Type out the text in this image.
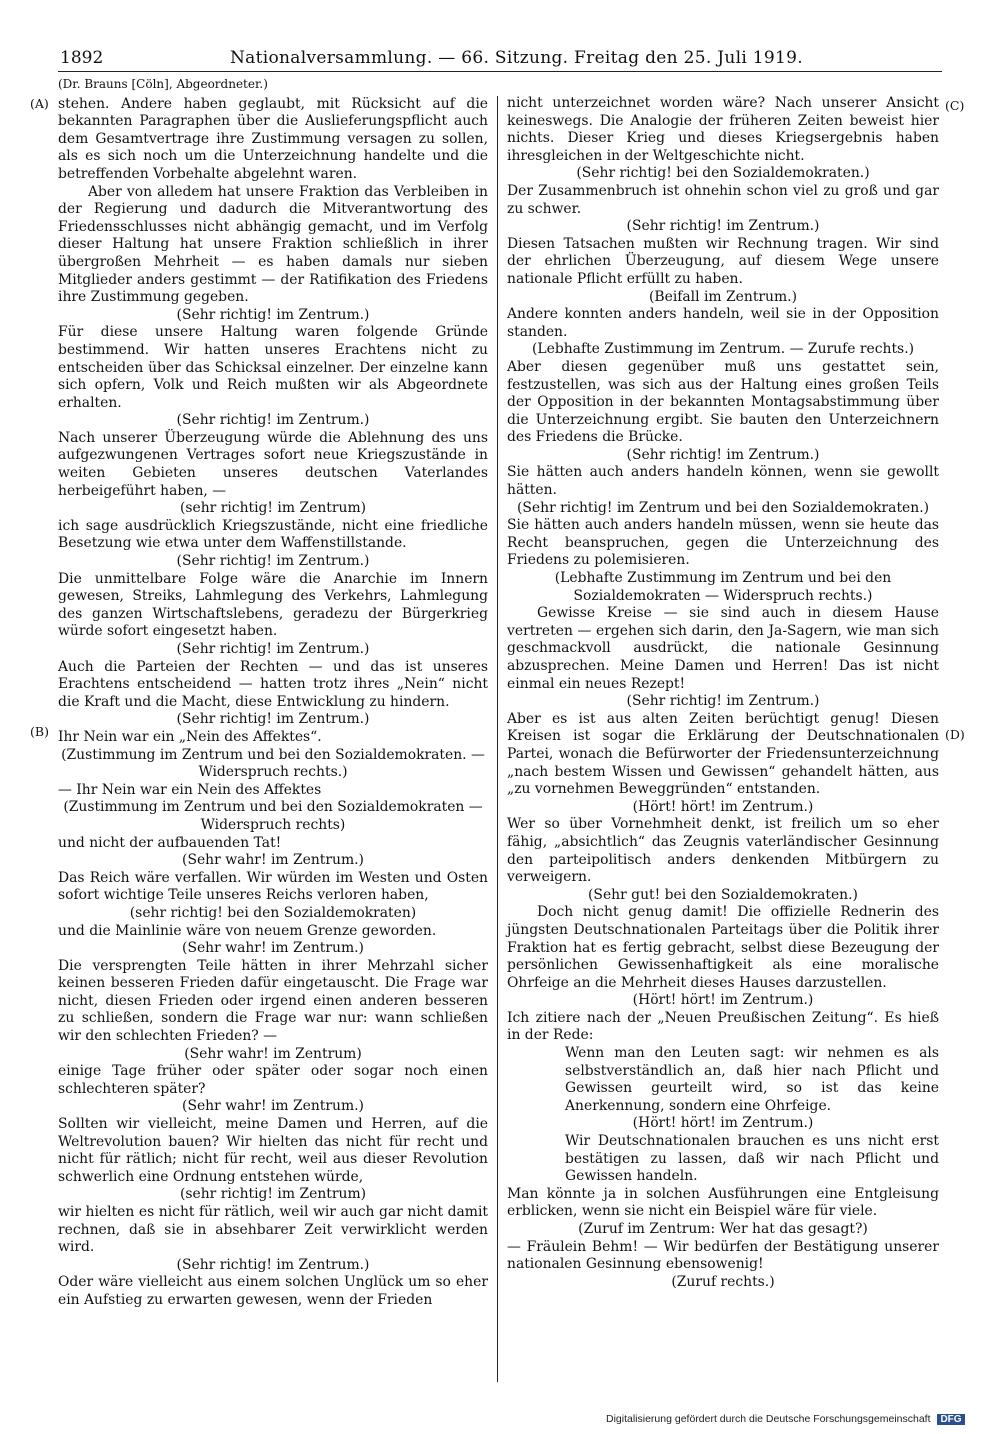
1892	Nationalversammlung. — 66. Sitzung. Freitag den 25. Juli 1919.
(A)
(B)
(C)
(D)
(Dr. Brauns [Cöln], Abgeordneter.)

stehen. Andere haben geglaubt, mit Rücksicht auf die bekannten Paragraphen über die Auslieferungspflicht auch dem Gesamtvertrage ihre Zustimmung versagen zu sollen, als es sich noch um die Unterzeichnung handelte und die betreffenden Vorbehalte abgelehnt waren.

Aber von alledem hat unsere Fraktion das Verbleiben in der Regierung und dadurch die Mitverantwortung des Friedensschlusses nicht abhängig gemacht, und im Verfolg dieser Haltung hat unsere Fraktion schließlich in ihrer übergroßen Mehrheit — es haben damals nur sieben Mitglieder anders gestimmt — der Ratifikation des Friedens ihre Zustimmung gegeben.

(Sehr richtig! im Zentrum.)

Für diese unsere Haltung waren folgende Gründe bestimmend. Wir hatten unseres Erachtens nicht zu entscheiden über das Schicksal einzelner. Der einzelne kann sich opfern, Volk und Reich mußten wir als Abgeordnete erhalten.

(Sehr richtig! im Zentrum.)

Nach unserer Überzeugung würde die Ablehnung des uns aufgezwungenen Vertrages sofort neue Kriegszustände in weiten Gebieten unseres deutschen Vaterlandes herbeigeführt haben, —

(sehr richtig! im Zentrum)

ich sage ausdrücklich Kriegszustände, nicht eine friedliche Besetzung wie etwa unter dem Waffenstillstande.

(Sehr richtig! im Zentrum.)

Die unmittelbare Folge wäre die Anarchie im Innern gewesen, Streiks, Lahmlegung des Verkehrs, Lahmlegung des ganzen Wirtschaftslebens, geradezu der Bürgerkrieg würde sofort eingesetzt haben.

(Sehr richtig! im Zentrum.)

Auch die Parteien der Rechten — und das ist unseres Erachtens entscheidend — hatten trotz ihres „Nein“ nicht die Kraft und die Macht, diese Entwicklung zu hindern.

(Sehr richtig! im Zentrum.)

Ihr Nein war ein „Nein des Affektes“.

(Zustimmung im Zentrum und bei den Sozialdemokraten. — Widerspruch rechts.)

— Ihr Nein war ein Nein des Affektes

(Zustimmung im Zentrum und bei den Sozialdemokraten — Widerspruch rechts)

und nicht der aufbauenden Tat!

(Sehr wahr! im Zentrum.)

Das Reich wäre verfallen. Wir würden im Westen und Osten sofort wichtige Teile unseres Reichs verloren haben,

(sehr richtig! bei den Sozialdemokraten)

und die Mainlinie wäre von neuem Grenze geworden.

(Sehr wahr! im Zentrum.)

Die versprengten Teile hätten in ihrer Mehrzahl sicher keinen besseren Frieden dafür eingetauscht. Die Frage war nicht, diesen Frieden oder irgend einen anderen besseren zu schließen, sondern die Frage war nur: wann schließen wir den schlechten Frieden? —

(Sehr wahr! im Zentrum)

einige Tage früher oder später oder sogar noch einen schlechteren später?

(Sehr wahr! im Zentrum.)

Sollten wir vielleicht, meine Damen und Herren, auf die Weltrevolution bauen? Wir hielten das nicht für recht und nicht für rätlich; nicht für recht, weil aus dieser Revolution schwerlich eine Ordnung entstehen würde,

(sehr richtig! im Zentrum)

wir hielten es nicht für rätlich, weil wir auch gar nicht damit rechnen, daß sie in absehbarer Zeit verwirklicht werden wird.

(Sehr richtig! im Zentrum.)

Oder wäre vielleicht aus einem solchen Unglück um so eher ein Aufstieg zu erwarten gewesen, wenn der Frieden

nicht unterzeichnet worden wäre? Nach unserer Ansicht keineswegs. Die Analogie der früheren Zeiten beweist hier nichts. Dieser Krieg und dieses Kriegsergebnis haben ihresgleichen in der Weltgeschichte nicht.

(Sehr richtig! bei den Sozialdemokraten.)

Der Zusammenbruch ist ohnehin schon viel zu groß und gar zu schwer.

(Sehr richtig! im Zentrum.)

Diesen Tatsachen mußten wir Rechnung tragen. Wir sind der ehrlichen Überzeugung, auf diesem Wege unsere nationale Pflicht erfüllt zu haben.

(Beifall im Zentrum.)

Andere konnten anders handeln, weil sie in der Opposition standen.

(Lebhafte Zustimmung im Zentrum. — Zurufe rechts.)

Aber diesen gegenüber muß uns gestattet sein, festzustellen, was sich aus der Haltung eines großen Teils der Opposition in der bekannten Montagsabstimmung über die Unterzeichnung ergibt. Sie bauten den Unterzeichnern des Friedens die Brücke.

(Sehr richtig! im Zentrum.)

Sie hätten auch anders handeln können, wenn sie gewollt hätten.

(Sehr richtig! im Zentrum und bei den Sozialdemokraten.)

Sie hätten auch anders handeln müssen, wenn sie heute das Recht beanspruchen, gegen die Unterzeichnung des Friedens zu polemisieren.

(Lebhafte Zustimmung im Zentrum und bei den Sozialdemokraten — Widerspruch rechts.)

Gewisse Kreise — sie sind auch in diesem Hause vertreten — ergehen sich darin, den Ja-Sagern, wie man sich geschmackvoll ausdrückt, die nationale Gesinnung abzusprechen. Meine Damen und Herren! Das ist nicht einmal ein neues Rezept!

(Sehr richtig! im Zentrum.)

Aber es ist aus alten Zeiten berüchtigt genug! Diesen Kreisen ist sogar die Erklärung der Deutschnationalen Partei, wonach die Befürworter der Friedensunterzeichnung „nach bestem Wissen und Gewissen“ gehandelt hätten, aus „zu vornehmen Beweggründen“ entstanden.

(Hört! hört! im Zentrum.)

Wer so über Vornehmheit denkt, ist freilich um so eher fähig, „absichtlich“ das Zeugnis vaterländischer Gesinnung den parteipolitisch anders denkenden Mitbürgern zu verweigern.

(Sehr gut! bei den Sozialdemokraten.)

Doch nicht genug damit! Die offizielle Rednerin des jüngsten Deutschnationalen Parteitags über die Politik ihrer Fraktion hat es fertig gebracht, selbst diese Bezeugung der persönlichen Gewissenhaftigkeit als eine moralische Ohrfeige an die Mehrheit dieses Hauses darzustellen.

(Hört! hört! im Zentrum.)

Ich zitiere nach der „Neuen Preußischen Zeitung“. Es hieß in der Rede:

Wenn man den Leuten sagt: wir nehmen es als selbstverständlich an, daß hier nach Pflicht und Gewissen geurteilt wird, so ist das keine Anerkennung, sondern eine Ohrfeige.

(Hört! hört! im Zentrum.)

Wir Deutschnationalen brauchen es uns nicht erst bestätigen zu lassen, daß wir nach Pflicht und Gewissen handeln.

Man könnte ja in solchen Ausführungen eine Entgleisung erblicken, wenn sie nicht ein Beispiel wäre für viele.

(Zuruf im Zentrum: Wer hat das gesagt?)

— Fräulein Behm! — Wir bedürfen der Bestätigung unserer nationalen Gesinnung ebensowenig!

(Zuruf rechts.)

Digitalisierung gefördert durch die Deutsche Forschungsgemeinschaft DFG
